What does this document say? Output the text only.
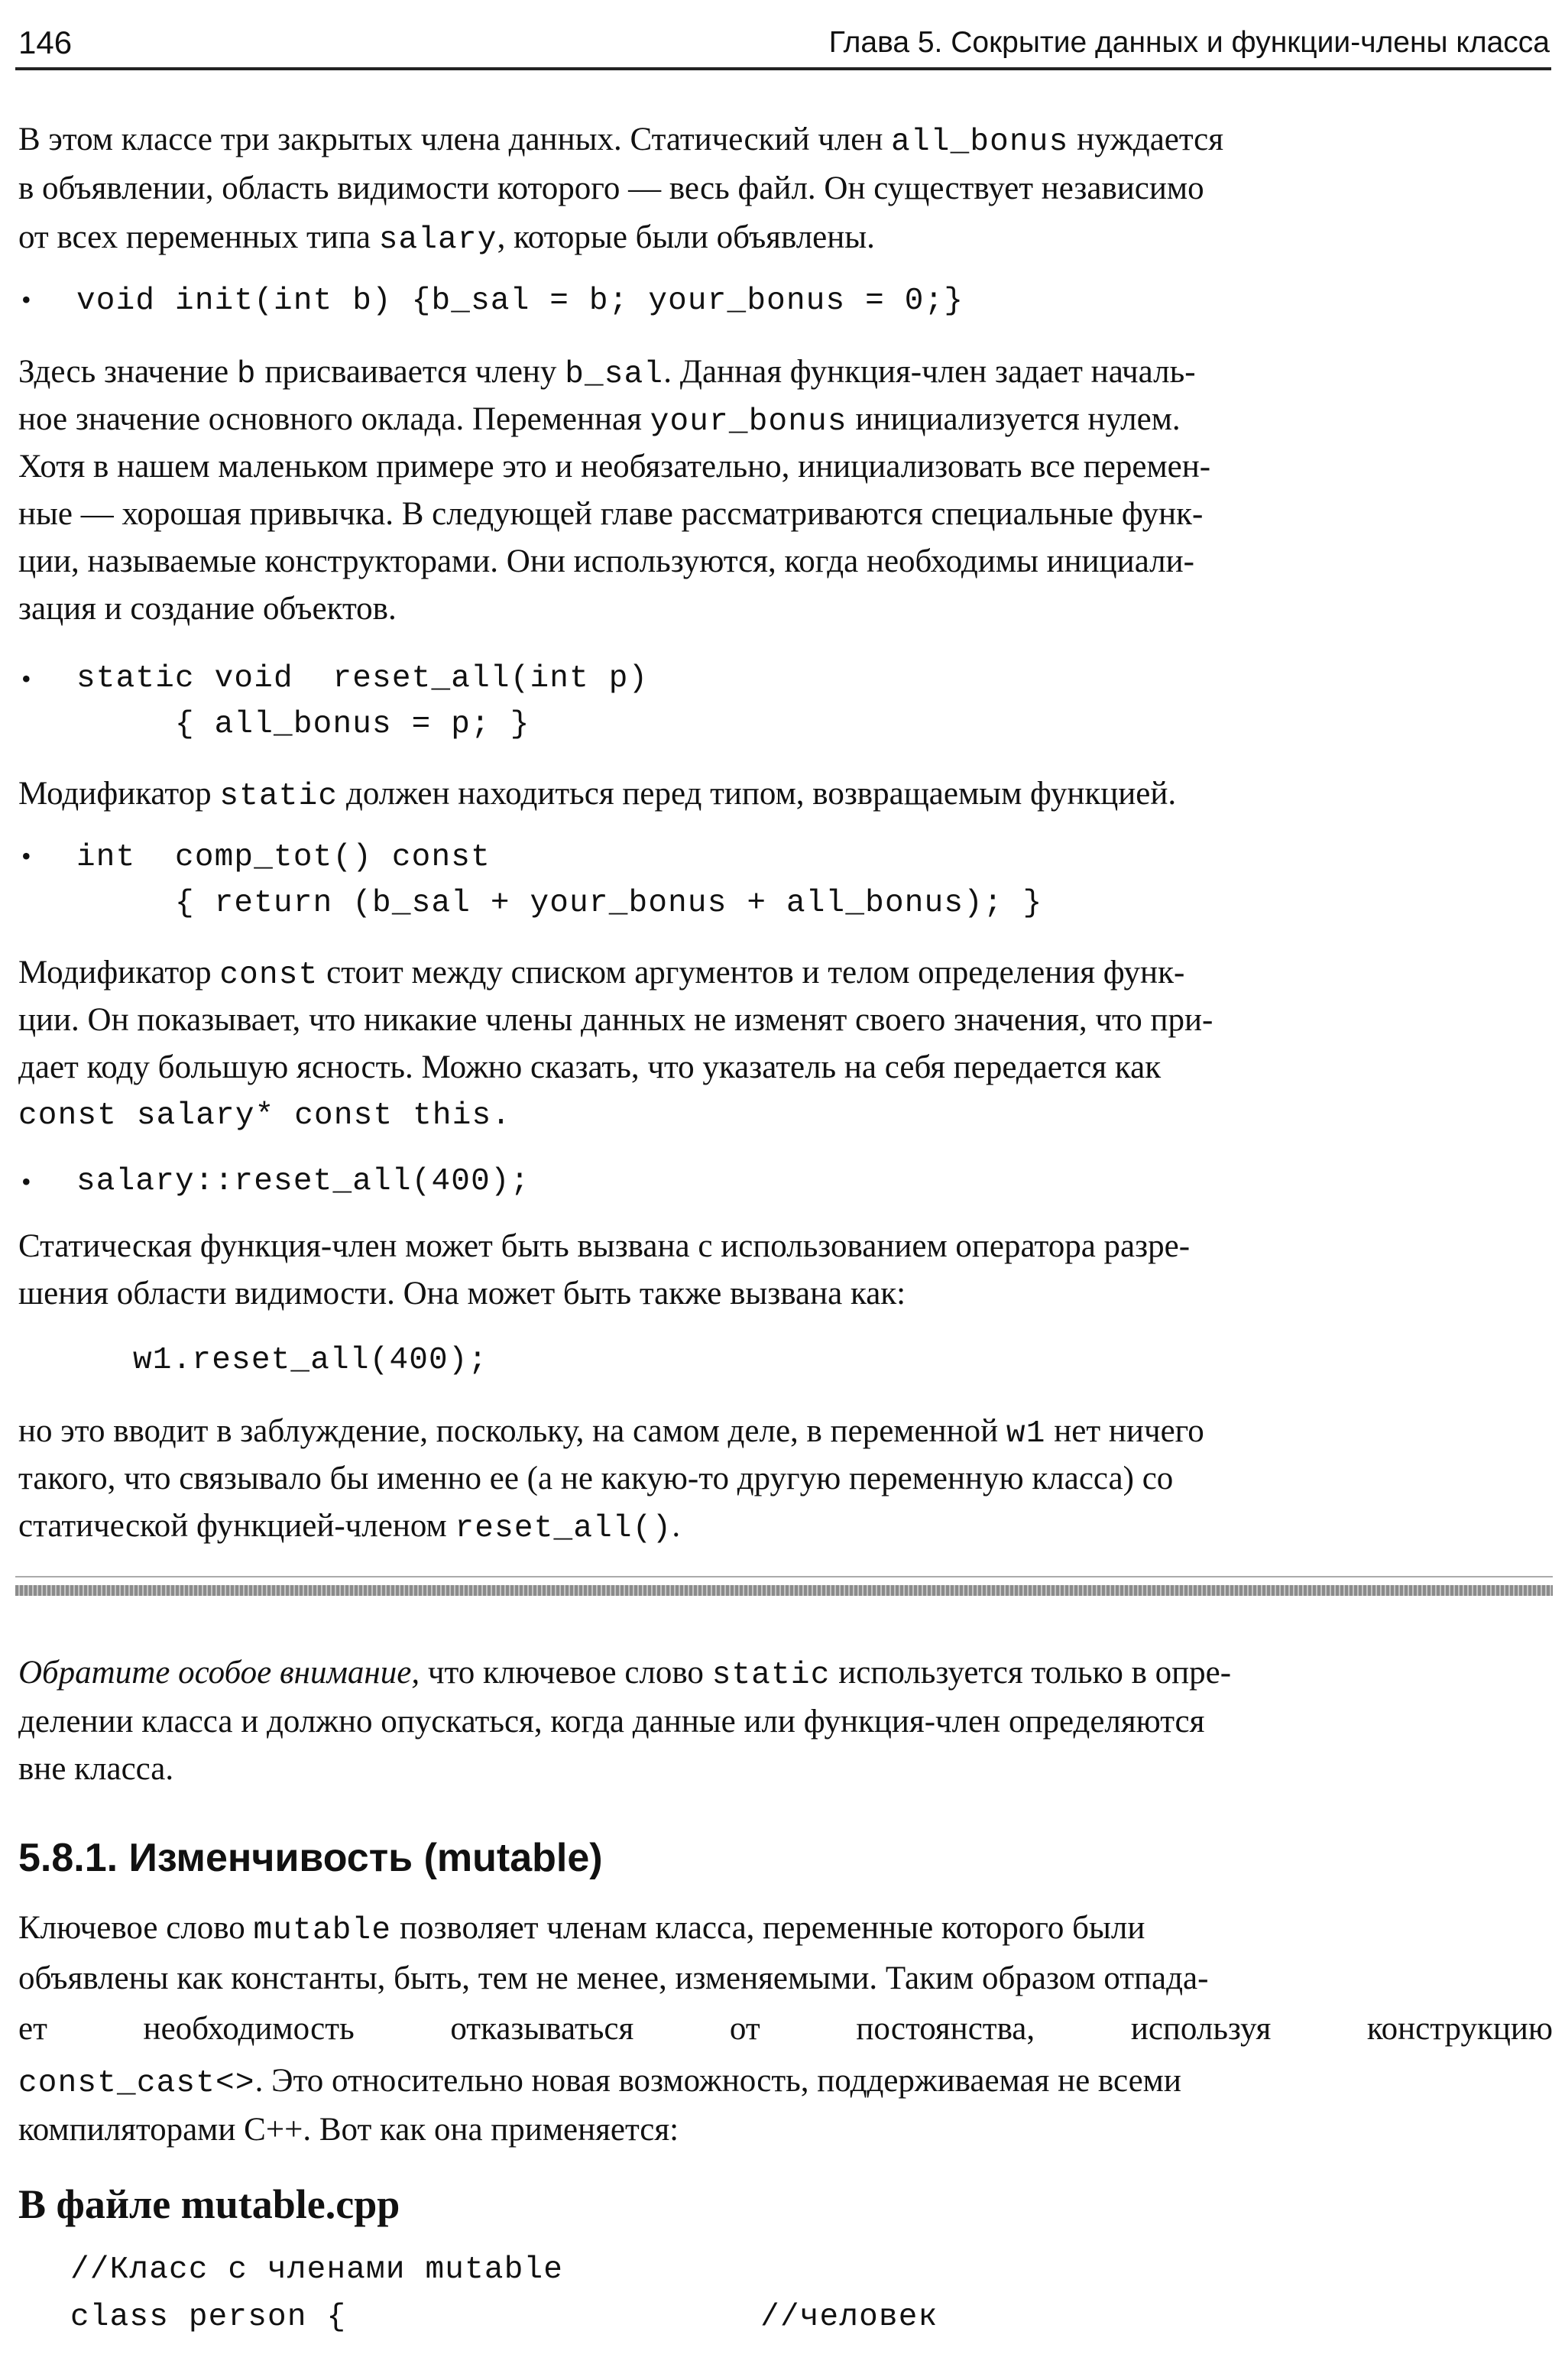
146	Глава 5. Сокрытие данных и функции-члены класса
В этом классе три закрытых члена данных. Статический член all_bonus нуждается
в объявлении, область видимости которого — весь файл. Он существует независимо
от всех переменных типа salary, которые были объявлены.
•	void init(int b) {b_sal = b; your_bonus = 0;}
Здесь значение b присваивается члену b_sal. Данная функция-член задает началь-
ное значение основного оклада. Переменная your_bonus инициализуется нулем.
Хотя в нашем маленьком примере это и необязательно, инициализовать все перемен-
ные — хорошая привычка. В следующей главе рассматриваются специальные функ-
ции, называемые конструкторами. Они используются, когда необходимы инициали-
зация и создание объектов.
•	static void  reset_all(int p)
{ all_bonus = p; }
Модификатор static должен находиться перед типом, возвращаемым функцией.
•	int  comp_tot() const
{ return (b_sal + your_bonus + all_bonus); }
Модификатор const стоит между списком аргументов и телом определения функ-
ции. Он показывает, что никакие члены данных не изменят своего значения, что при-
дает коду большую ясность. Можно сказать, что указатель на себя передается как
const salary* const this.
•	salary::reset_all(400);
Статическая функция-член может быть вызвана с использованием оператора разре-
шения области видимости. Она может быть также вызвана как:
w1.reset_all(400);
но это вводит в заблуждение, поскольку, на самом деле, в переменной w1 нет ничего
такого, что связывало бы именно ее (а не какую-то другую переменную класса) со
статической функцией-членом reset_all().
Обратите особое внимание, что ключевое слово static используется только в опре-
делении класса и должно опускаться, когда данные или функция-член определяются
вне класса.
5.8.1. Изменчивость (mutable)
Ключевое слово mutable позволяет членам класса, переменные которого были
объявлены как константы, быть, тем не менее, изменяемыми. Таким образом отпада-
ет необходимость отказываться от постоянства, используя конструкцию
const_cast<>. Это относительно новая возможность, поддерживаемая не всеми
компиляторами C++. Вот как она применяется:
В файле mutable.cpp
//Класс с членами mutable
class person {                     //человек
